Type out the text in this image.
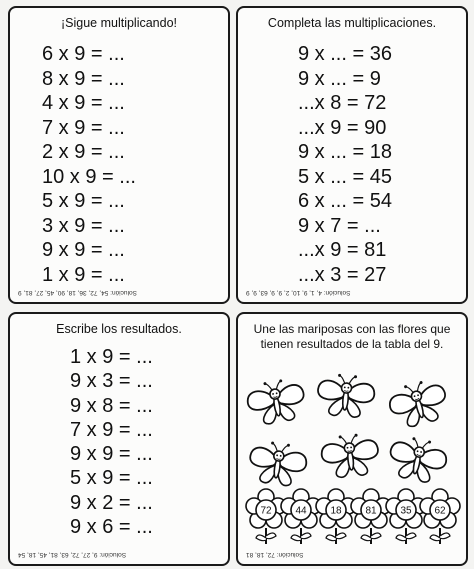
¡Sigue multiplicando!
6 x 9 = ...
8 x 9 = ...
4 x 9 = ...
7 x 9 = ...
2 x 9 = ...
10 x 9 = ...
5 x 9 = ...
3 x 9 = ...
9 x 9 = ...
1 x 9 = ...
Solución: 54, 72, 36, 18, 90, 45, 27, 81, 9
Completa las multiplicaciones.
9 x ... = 36
9 x ... = 9
...x 8 = 72
...x 9 = 90
9 x ... = 18
5 x ... = 45
6 x ... = 54
9 x 7 = ...
...x 9 = 81
...x 3 = 27
Solución: 4, 1, 9, 10, 2, 9, 9, 63, 9, 9
Escribe los resultados.
1 x 9 = ...
9 x 3 = ...
9 x 8 = ...
7 x 9 = ...
9 x 9 = ...
5 x 9 = ...
9 x 2 = ...
9 x 6 = ...
Solución: 9, 27, 72, 63, 81, 45, 18, 54
Une las mariposas con las flores que tienen resultados de la tabla del 9.
72 44 18 81 35 62
Solución: 72, 18, 81
